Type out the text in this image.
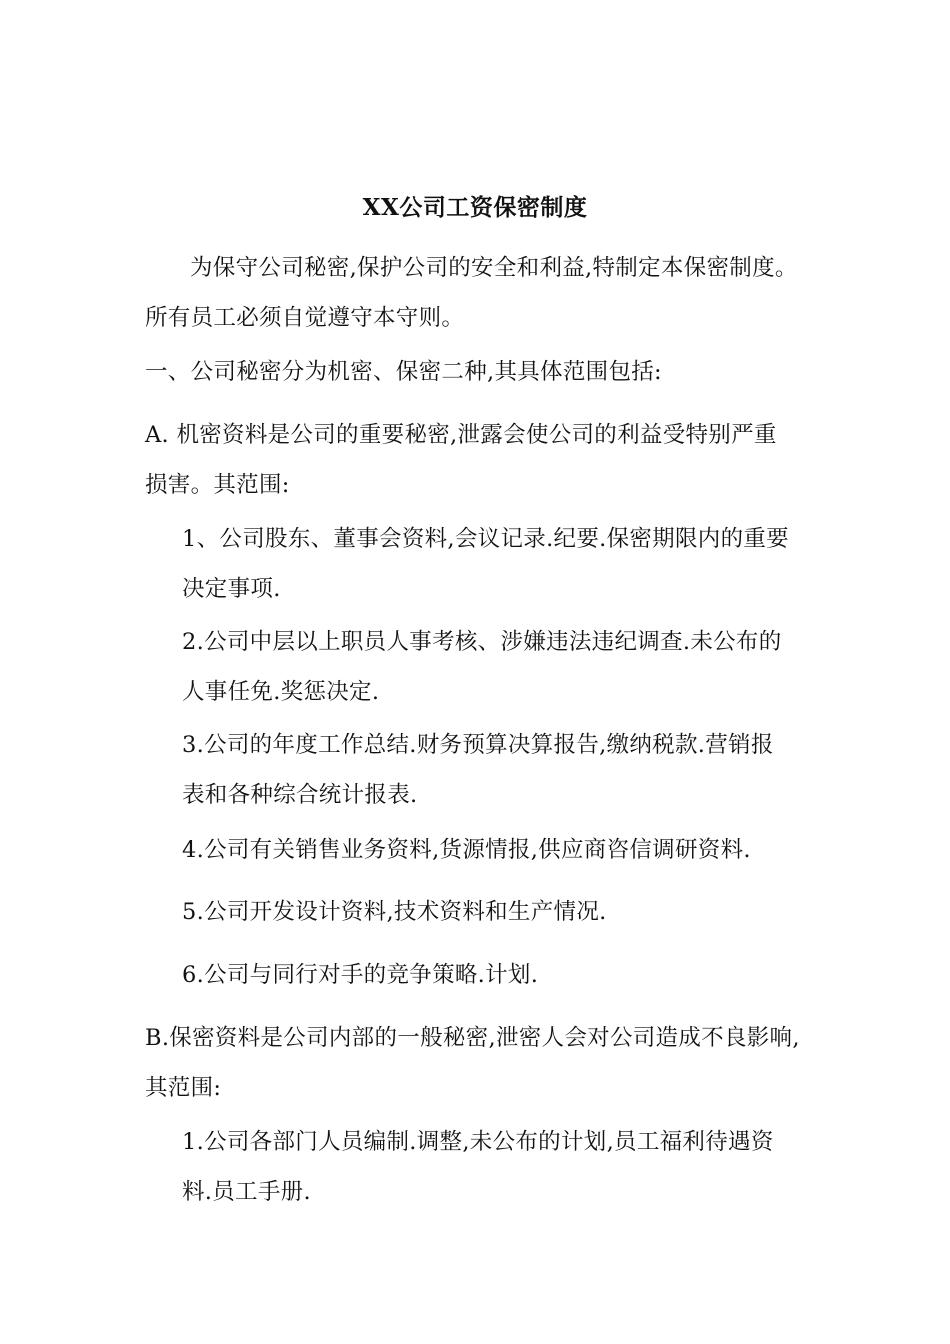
XX公司工资保密制度

为保守公司秘密,保护公司的安全和利益,特制定本保密制度。
所有员工必须自觉遵守本守则。

一、公司秘密分为机密、保密二种,其具体范围包括:

A. 机密资料是公司的重要秘密,泄露会使公司的利益受特别严重
损害。其范围:

1、公司股东、董事会资料,会议记录.纪要.保密期限内的重要
决定事项.

2.公司中层以上职员人事考核、涉嫌违法违纪调查.未公布的
人事任免.奖惩决定.

3.公司的年度工作总结.财务预算决算报告,缴纳税款.营销报
表和各种综合统计报表.

4.公司有关销售业务资料,货源情报,供应商咨信调研资料.

5.公司开发设计资料,技术资料和生产情况.

6.公司与同行对手的竞争策略.计划.

B.保密资料是公司内部的一般秘密,泄密人会对公司造成不良影响,
其范围:

1.公司各部门人员编制.调整,未公布的计划,员工福利待遇资
料.员工手册.
